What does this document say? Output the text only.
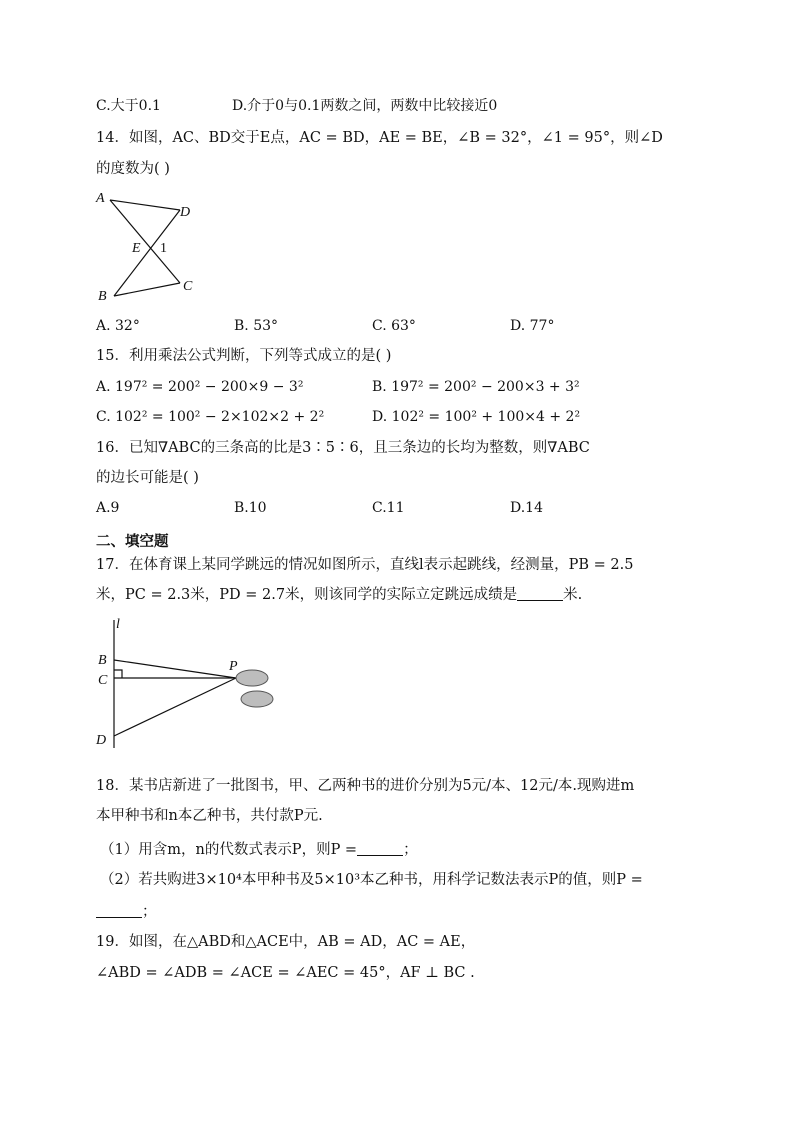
C.大于0.1	D.介于0与0.1两数之间，两数中比较接近0
14．如图，AC、BD交于E点，AC = BD，AE = BE，∠B = 32°，∠1 = 95°，则∠D
的度数为( )
A
D
E 1
B
C
A. 32°	B. 53°	C. 63°	D. 77°
15．利用乘法公式判断，下列等式成立的是( )
A. 197² = 200² − 200×9 − 3²	B. 197² = 200² − 200×3 + 3²
C. 102² = 100² − 2×102×2 + 2²	D. 102² = 100² + 100×4 + 2²
16．已知∇ABC的三条高的比是3∶5∶6，且三条边的长均为整数，则∇ABC
的边长可能是( )
A.9	B.10	C.11	D.14
二、填空题
17．在体育课上某同学跳远的情况如图所示，直线l表示起跳线，经测量，PB = 2.5
米，PC = 2.3米，PD = 2.7米，则该同学的实际立定跳远成绩是	米.
l
B
C
D
P
18．某书店新进了一批图书，甲、乙两种书的进价分别为5元/本、12元/本.现购进m
本甲种书和n本乙种书，共付款P元.
（1）用含m，n的代数式表示P，则P =	；
（2）若共购进3×10⁴本甲种书及5×10³本乙种书，用科学记数法表示P的值，则P =
；
19．如图，在△ABD和△ACE中，AB = AD，AC = AE，
∠ABD = ∠ADB = ∠ACE = ∠AEC = 45°，AF ⊥ BC .
